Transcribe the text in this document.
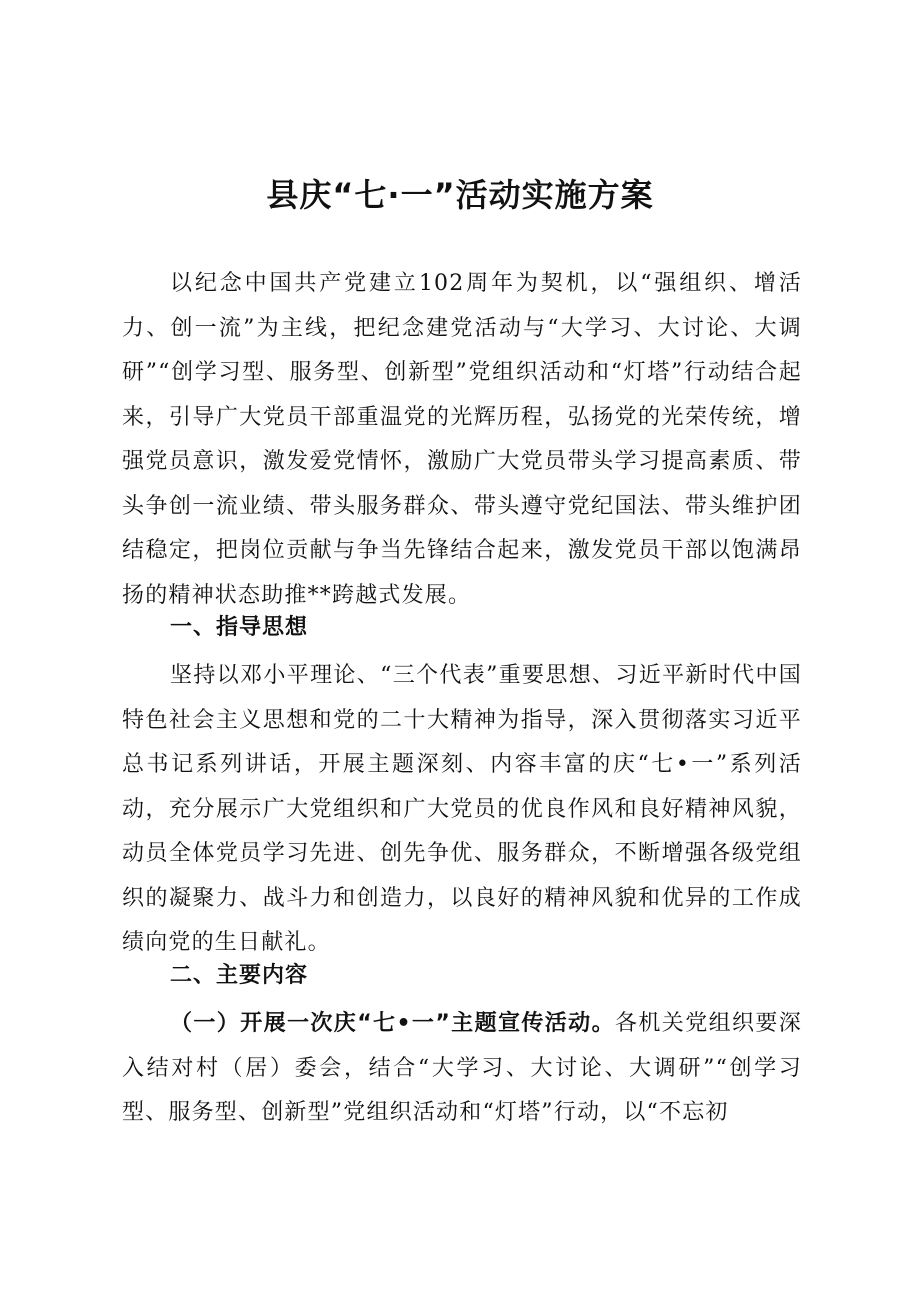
县庆“七·一”活动实施方案

以纪念中国共产党建立102周年为契机，以“强组织、增活力、创一流”为主线，把纪念建党活动与“大学习、大讨论、大调研”“创学习型、服务型、创新型”党组织活动和“灯塔”行动结合起来，引导广大党员干部重温党的光辉历程，弘扬党的光荣传统，增强党员意识，激发爱党情怀，激励广大党员带头学习提高素质、带头争创一流业绩、带头服务群众、带头遵守党纪国法、带头维护团结稳定，把岗位贡献与争当先锋结合起来，激发党员干部以饱满昂扬的精神状态助推**跨越式发展。

一、指导思想

坚持以邓小平理论、“三个代表”重要思想、习近平新时代中国特色社会主义思想和党的二十大精神为指导，深入贯彻落实习近平总书记系列讲话，开展主题深刻、内容丰富的庆“七•一”系列活动，充分展示广大党组织和广大党员的优良作风和良好精神风貌，动员全体党员学习先进、创先争优、服务群众，不断增强各级党组织的凝聚力、战斗力和创造力，以良好的精神风貌和优异的工作成绩向党的生日献礼。

二、主要内容

（一）开展一次庆“七•一”主题宣传活动。各机关党组织要深入结对村（居）委会，结合“大学习、大讨论、大调研”“创学习型、服务型、创新型”党组织活动和“灯塔”行动，以“不忘初
